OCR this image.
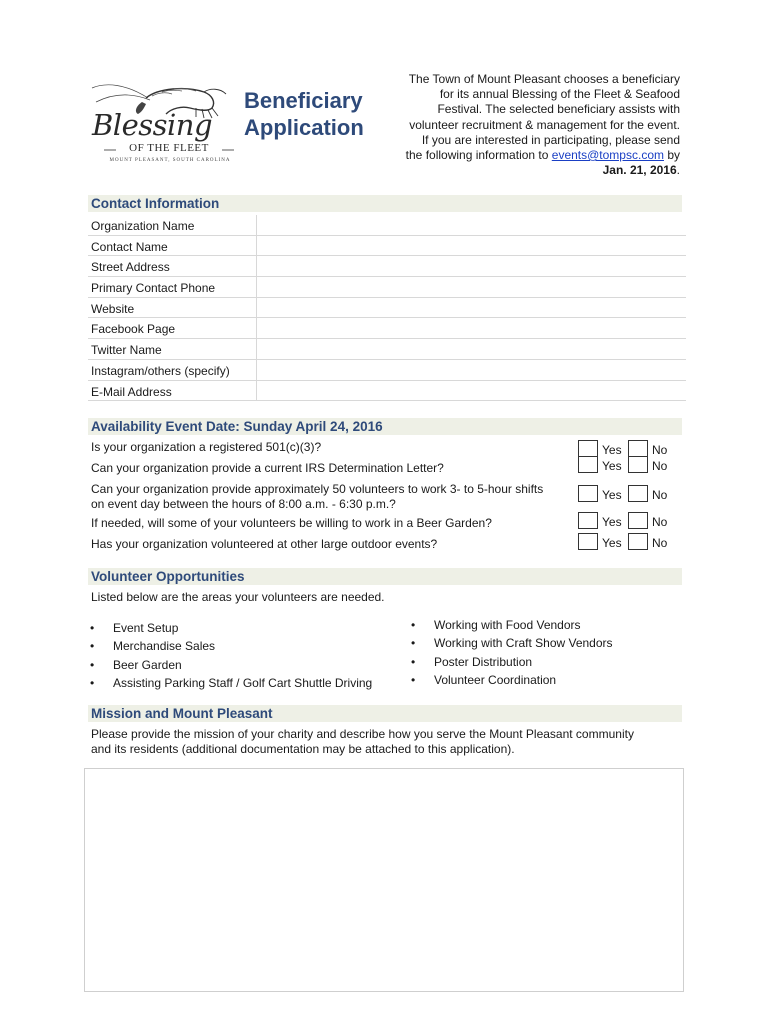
Blessing
OF THE FLEET
MOUNT PLEASANT, SOUTH CAROLINA
Beneficiary
Application
The Town of Mount Pleasant chooses a beneficiary
for its annual Blessing of the Fleet & Seafood
Festival. The selected beneficiary assists with
volunteer recruitment & management for the event.
If you are interested in participating, please send
the following information to events@tompsc.com by
Jan. 21, 2016.
Contact Information
Organization Name
Contact Name
Street Address
Primary Contact Phone
Website
Facebook Page
Twitter Name
Instagram/others (specify)
E-Mail Address
Availability Event Date: Sunday April 24, 2016
Is your organization a registered 501(c)(3)?	Yes	No
Can your organization provide a current IRS Determination Letter?	Yes	No
Can your organization provide approximately 50 volunteers to work 3- to 5-hour shifts
on event day between the hours of 8:00 a.m. - 6:30 p.m.?
Yes	No
If needed, will some of your volunteers be willing to work in a Beer Garden?	Yes	No
Has your organization volunteered at other large outdoor events?	Yes	No
Volunteer Opportunities
Listed below are the areas your volunteers are needed.
• Event Setup
• Merchandise Sales
• Beer Garden
• Assisting Parking Staff / Golf Cart Shuttle Driving
• Working with Food Vendors
• Working with Craft Show Vendors
• Poster Distribution
• Volunteer Coordination
Mission and Mount Pleasant
Please provide the mission of your charity and describe how you serve the Mount Pleasant community
and its residents (additional documentation may be attached to this application).
